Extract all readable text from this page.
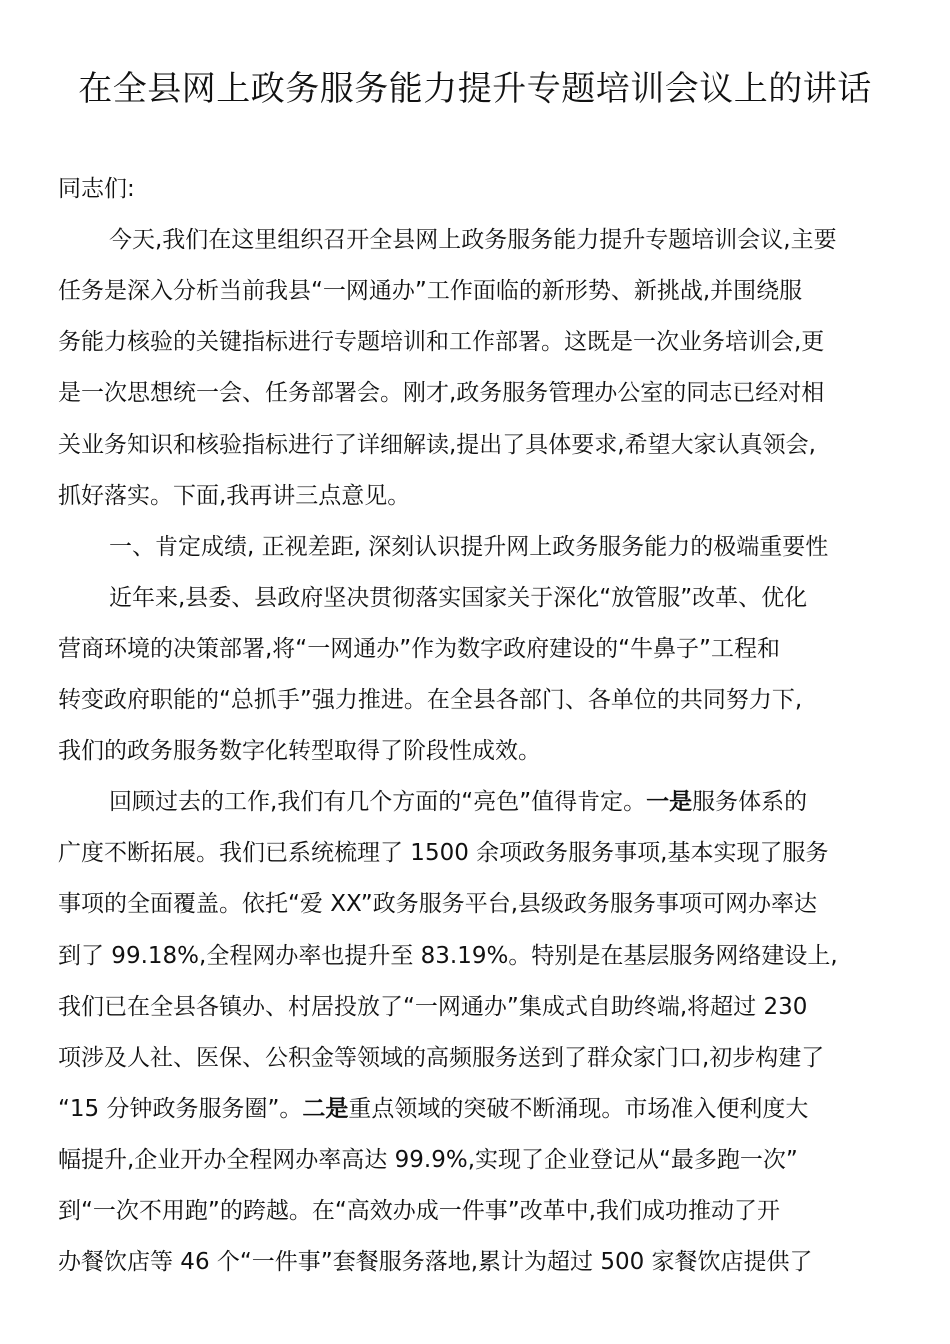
在全县网上政务服务能力提升专题培训会议上的讲话
同志们:
今天,我们在这里组织召开全县网上政务服务能力提升专题培训会议,主要
任务是深入分析当前我县“一网通办”工作面临的新形势、新挑战,并围绕服
务能力核验的关键指标进行专题培训和工作部署。这既是一次业务培训会,更
是一次思想统一会、任务部署会。刚才,政务服务管理办公室的同志已经对相
关业务知识和核验指标进行了详细解读,提出了具体要求,希望大家认真领会,
抓好落实。下面,我再讲三点意见。
一、肯定成绩, 正视差距, 深刻认识提升网上政务服务能力的极端重要性
近年来,县委、县政府坚决贯彻落实国家关于深化“放管服”改革、优化
营商环境的决策部署,将“一网通办”作为数字政府建设的“牛鼻子”工程和
转变政府职能的“总抓手”强力推进。在全县各部门、各单位的共同努力下,
我们的政务服务数字化转型取得了阶段性成效。
回顾过去的工作,我们有几个方面的“亮色”值得肯定。一是服务体系的
广度不断拓展。我们已系统梳理了 1500 余项政务服务事项,基本实现了服务
事项的全面覆盖。依托“爱 XX”政务服务平台,县级政务服务事项可网办率达
到了 99.18%,全程网办率也提升至 83.19%。特别是在基层服务网络建设上,
我们已在全县各镇办、村居投放了“一网通办”集成式自助终端,将超过 230
项涉及人社、医保、公积金等领域的高频服务送到了群众家门口,初步构建了
“15 分钟政务服务圈”。二是重点领域的突破不断涌现。市场准入便利度大
幅提升,企业开办全程网办率高达 99.9%,实现了企业登记从“最多跑一次”
到“一次不用跑”的跨越。在“高效办成一件事”改革中,我们成功推动了开
办餐饮店等 46 个“一件事”套餐服务落地,累计为超过 500 家餐饮店提供了
